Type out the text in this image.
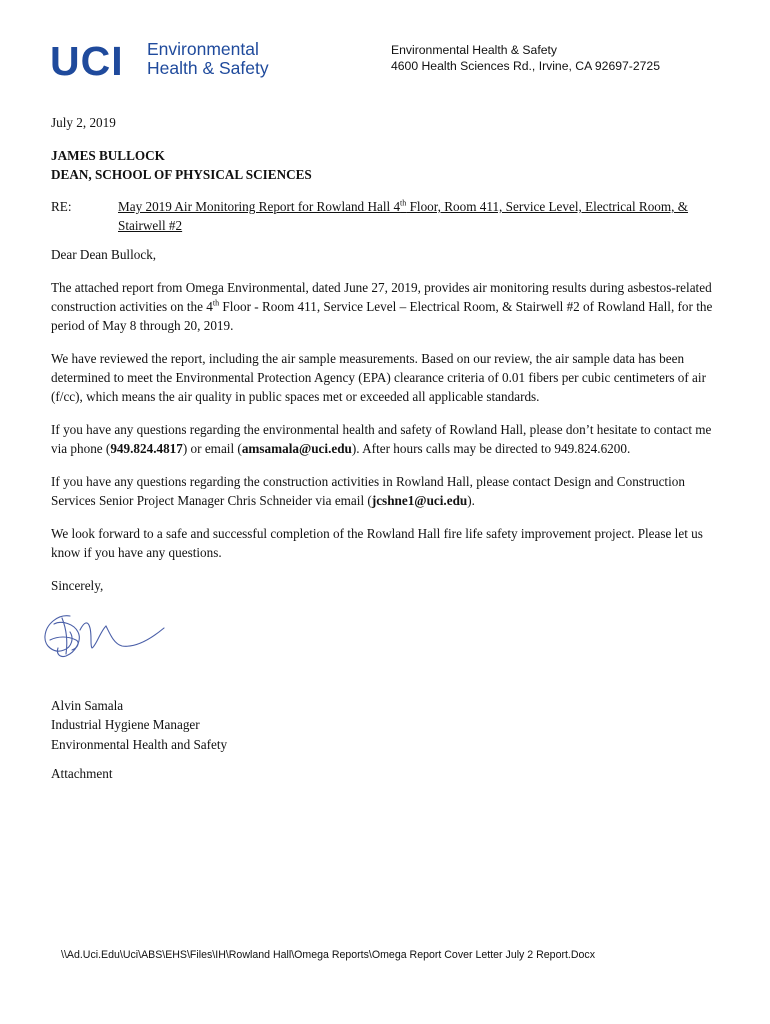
UCI Environmental
Health & Safety
Environmental Health & Safety
4600 Health Sciences Rd., Irvine, CA 92697-2725
July 2, 2019
JAMES BULLOCK
DEAN, SCHOOL OF PHYSICAL SCIENCES
RE:	May 2019 Air Monitoring Report for Rowland Hall 4th Floor, Room 411, Service Level, Electrical Room, & Stairwell #2

Dear Dean Bullock,

The attached report from Omega Environmental, dated June 27, 2019, provides air monitoring results during asbestos-related construction activities on the 4th Floor - Room 411, Service Level – Electrical Room, & Stairwell #2 of Rowland Hall, for the period of May 8 through 20, 2019.

We have reviewed the report, including the air sample measurements. Based on our review, the air sample data has been determined to meet the Environmental Protection Agency (EPA) clearance criteria of 0.01 fibers per cubic centimeters of air (f/cc), which means the air quality in public spaces met or exceeded all applicable standards.

If you have any questions regarding the environmental health and safety of Rowland Hall, please don’t hesitate to contact me via phone (949.824.4817) or email (amsamala@uci.edu). After hours calls may be directed to 949.824.6200.

If you have any questions regarding the construction activities in Rowland Hall, please contact Design and Construction Services Senior Project Manager Chris Schneider via email (jcshne1@uci.edu).

We look forward to a safe and successful completion of the Rowland Hall fire life safety improvement project. Please let us know if you have any questions.

Sincerely,

Alvin Samala
Industrial Hygiene Manager
Environmental Health and Safety
Attachment
\\Ad.Uci.Edu\Uci\ABS\EHS\Files\IH\Rowland Hall\Omega Reports\Omega Report Cover Letter July 2 Report.Docx
